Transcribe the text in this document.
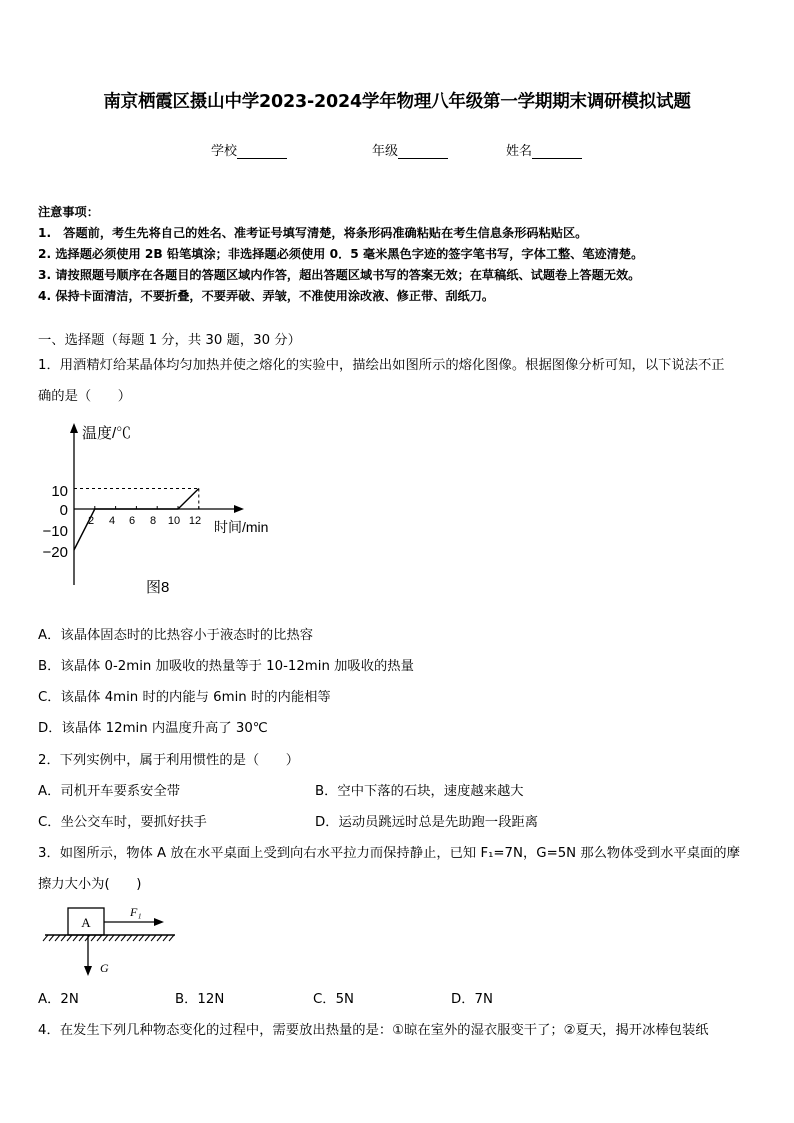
南京栖霞区摄山中学2023-2024学年物理八年级第一学期期末调研模拟试题
学校	年级	姓名
注意事项：
1.　答题前，考生先将自己的姓名、准考证号填写清楚，将条形码准确粘贴在考生信息条形码粘贴区。
2. 选择题必须使用 2B 铅笔填涂；非选择题必须使用 0．5 毫米黑色字迹的签字笔书写，字体工整、笔迹清楚。
3. 请按照题号顺序在各题目的答题区域内作答，超出答题区域书写的答案无效；在草稿纸、试题卷上答题无效。
4. 保持卡面清洁，不要折叠，不要弄破、弄皱，不准使用涂改液、修正带、刮纸刀。
一、选择题（每题 1 分，共 30 题，30 分）
1．用酒精灯给某晶体均匀加热并使之熔化的实验中，描绘出如图所示的熔化图像。根据图像分析可知，以下说法不正
确的是（　　）
温度/℃
时间/min
10
0
−10
−20
2 4 6 8 10 12
图8
A．该晶体固态时的比热容小于液态时的比热容
B．该晶体 0-2min 加吸收的热量等于 10-12min 加吸收的热量
C．该晶体 4min 时的内能与 6min 时的内能相等
D．该晶体 12min 内温度升高了 30℃
2．下列实例中，属于利用惯性的是（　　）
A．司机开车要系安全带	B．空中下落的石块，速度越来越大
C．坐公交车时，要抓好扶手	D．运动员跳远时总是先助跑一段距离
3．如图所示，物体 A 放在水平桌面上受到向右水平拉力而保持静止，已知 F₁=7N，G=5N 那么物体受到水平桌面的摩
擦力大小为(　　)
A
F₁
G
A．2N	B．12N	C．5N	D．7N
4．在发生下列几种物态变化的过程中，需要放出热量的是：①晾在室外的湿衣服变干了；②夏天，揭开冰棒包装纸
